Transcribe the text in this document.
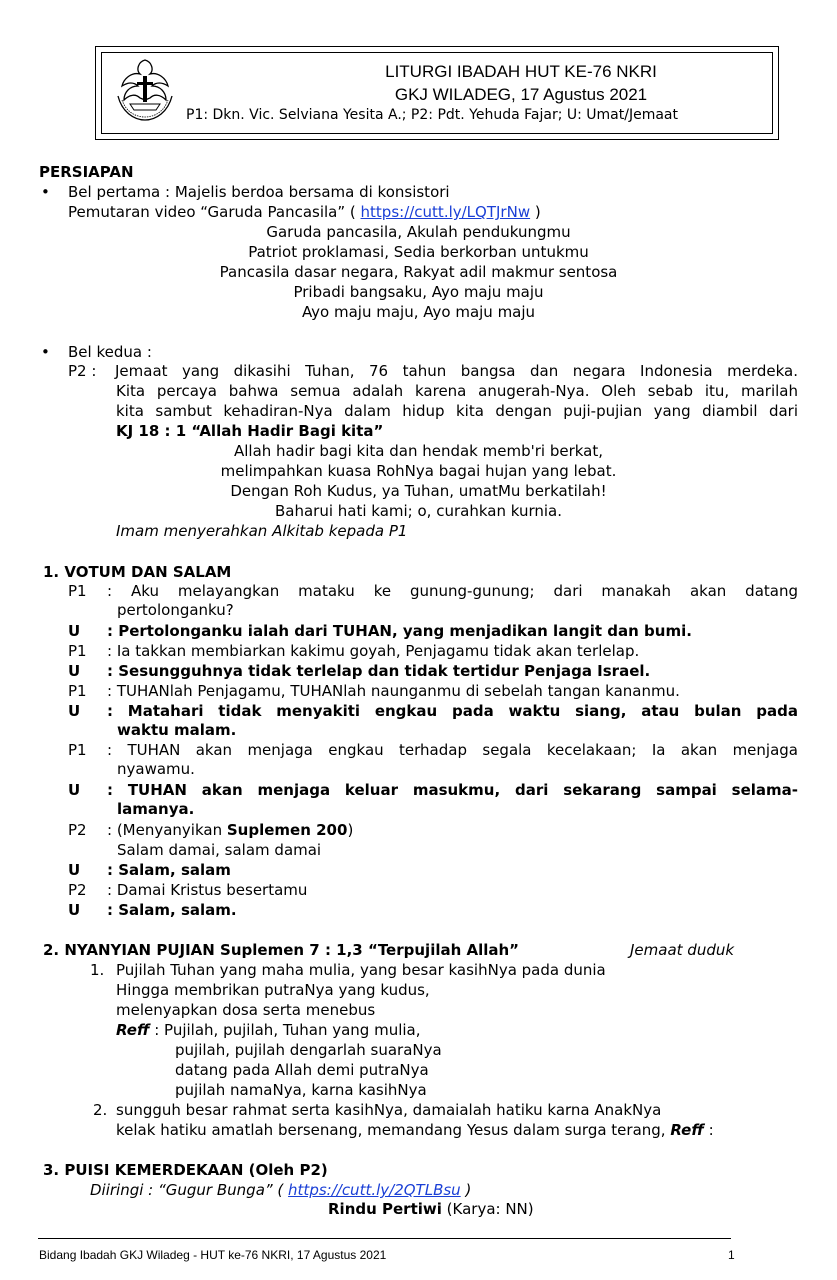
LITURGI IBADAH HUT KE-76 NKRI
GKJ WILADEG, 17 Agustus 2021
P1: Dkn. Vic. Selviana Yesita A.; P2: Pdt. Yehuda Fajar; U: Umat/Jemaat
PERSIAPAN
• Bel pertama : Majelis berdoa bersama di konsistori
Pemutaran video “Garuda Pancasila” ( https://cutt.ly/LQTJrNw )
Garuda pancasila, Akulah pendukungmu
Patriot proklamasi, Sedia berkorban untukmu
Pancasila dasar negara, Rakyat adil makmur sentosa
Pribadi bangsaku, Ayo maju maju
Ayo maju maju, Ayo maju maju
• Bel kedua :
P2 : Jemaat yang dikasihi Tuhan, 76 tahun bangsa dan negara Indonesia merdeka.
Kita percaya bahwa semua adalah karena anugerah-Nya. Oleh sebab itu, marilah
kita sambut kehadiran-Nya dalam hidup kita dengan puji-pujian yang diambil dari
KJ 18 : 1 “Allah Hadir Bagi kita”
Allah hadir bagi kita dan hendak memb'ri berkat,
melimpahkan kuasa RohNya bagai hujan yang lebat.
Dengan Roh Kudus, ya Tuhan, umatMu berkatilah!
Baharui hati kami; o, curahkan kurnia.
Imam menyerahkan Alkitab kepada P1
1. VOTUM DAN SALAM
P1 : Aku melayangkan mataku ke gunung-gunung; dari manakah akan datang
pertolonganku?
U : Pertolonganku ialah dari TUHAN, yang menjadikan langit dan bumi.
P1 : Ia takkan membiarkan kakimu goyah, Penjagamu tidak akan terlelap.
U : Sesungguhnya tidak terlelap dan tidak tertidur Penjaga Israel.
P1 : TUHANlah Penjagamu, TUHANlah naunganmu di sebelah tangan kananmu.
U : Matahari tidak menyakiti engkau pada waktu siang, atau bulan pada
waktu malam.
P1 : TUHAN akan menjaga engkau terhadap segala kecelakaan; Ia akan menjaga
nyawamu.
U : TUHAN akan menjaga keluar masukmu, dari sekarang sampai selama-
lamanya.
P2 : (Menyanyikan Suplemen 200)
Salam damai, salam damai
U : Salam, salam
P2 : Damai Kristus besertamu
U : Salam, salam.
2. NYANYIAN PUJIAN Suplemen 7 : 1,3 “Terpujilah Allah”	Jemaat duduk
1. Pujilah Tuhan yang maha mulia, yang besar kasihNya pada dunia
Hingga membrikan putraNya yang kudus,
melenyapkan dosa serta menebus
Reff : Pujilah, pujilah, Tuhan yang mulia,
pujilah, pujilah dengarlah suaraNya
datang pada Allah demi putraNya
pujilah namaNya, karna kasihNya
2. sungguh besar rahmat serta kasihNya, damaialah hatiku karna AnakNya
kelak hatiku amatlah bersenang, memandang Yesus dalam surga terang, Reff :
3. PUISI KEMERDEKAAN (Oleh P2)
Diiringi : “Gugur Bunga” ( https://cutt.ly/2QTLBsu )
Rindu Pertiwi (Karya: NN)
Bidang Ibadah GKJ Wiladeg - HUT ke-76 NKRI, 17 Agustus 2021	1
